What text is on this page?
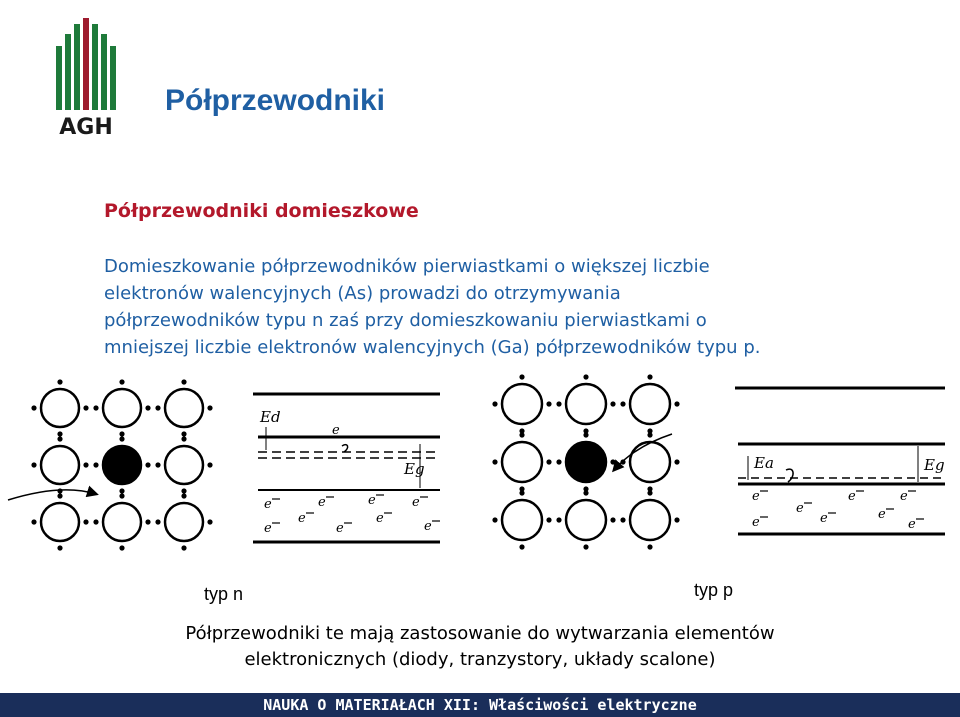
AGH
Półprzewodniki
Półprzewodniki domieszkowe
Domieszkowanie półprzewodników pierwiastkami o większej liczbie
elektronów walencyjnych (As) prowadzi do otrzymywania
półprzewodników typu n zaś przy domieszkowaniu pierwiastkami o
mniejszej liczbie elektronów walencyjnych (Ga) półprzewodników typu p.
Ed
Eg
e
e	e	e	e
e
e
e
e
e
Ea	Eg
e
e
e	e
e	e	e
e
typ n	typ p
Półprzewodniki te mają zastosowanie do wytwarzania elementów
elektronicznych (diody, tranzystory, układy scalone)
NAUKA O MATERIAŁACH XII: Właściwości elektryczne
